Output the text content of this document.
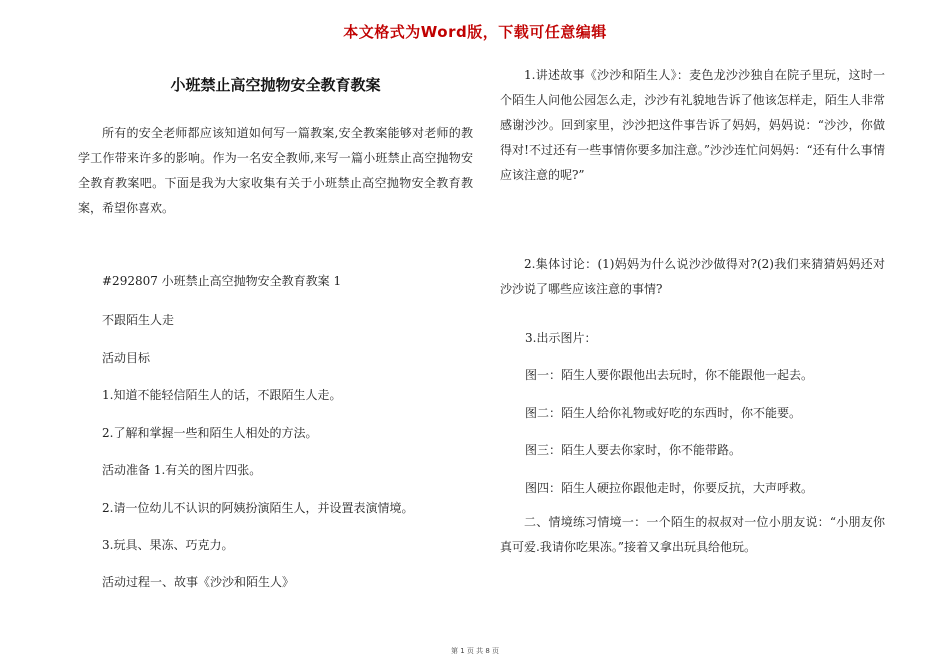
本文格式为Word版，下载可任意编辑
小班禁止高空抛物安全教育教案

所有的安全老师都应该知道如何写一篇教案,安全教案能够对老师的教学工作带来许多的影响。作为一名安全教师,来写一篇小班禁止高空抛物安全教育教案吧。下面是我为大家收集有关于小班禁止高空抛物安全教育教案，希望你喜欢。

#292807 小班禁止高空抛物安全教育教案 1
不跟陌生人走
活动目标
1.知道不能轻信陌生人的话，不跟陌生人走。
2.了解和掌握一些和陌生人相处的方法。
活动准备 1.有关的图片四张。
2.请一位幼儿不认识的阿姨扮演陌生人，并设置表演情境。
3.玩具、果冻、巧克力。
活动过程一、故事《沙沙和陌生人》

1.讲述故事《沙沙和陌生人》：麦色龙沙沙独自在院子里玩，这时一个陌生人问他公园怎么走，沙沙有礼貌地告诉了他该怎样走，陌生人非常感谢沙沙。回到家里，沙沙把这件事告诉了妈妈，妈妈说：“沙沙，你做得对!不过还有一些事情你要多加注意。”沙沙连忙问妈妈：“还有什么事情应该注意的呢?”

2.集体讨论：(1)妈妈为什么说沙沙做得对?(2)我们来猜猜妈妈还对沙沙说了哪些应该注意的事情?

3.出示图片：
图一：陌生人要你跟他出去玩时，你不能跟他一起去。
图二：陌生人给你礼物或好吃的东西时，你不能要。
图三：陌生人要去你家时，你不能带路。
图四：陌生人硬拉你跟他走时，你要反抗，大声呼救。

二、情境练习情境一：一个陌生的叔叔对一位小朋友说：“小朋友你真可爱.我请你吃果冻。”接着又拿出玩具给他玩。

第 1 页 共 8 页
